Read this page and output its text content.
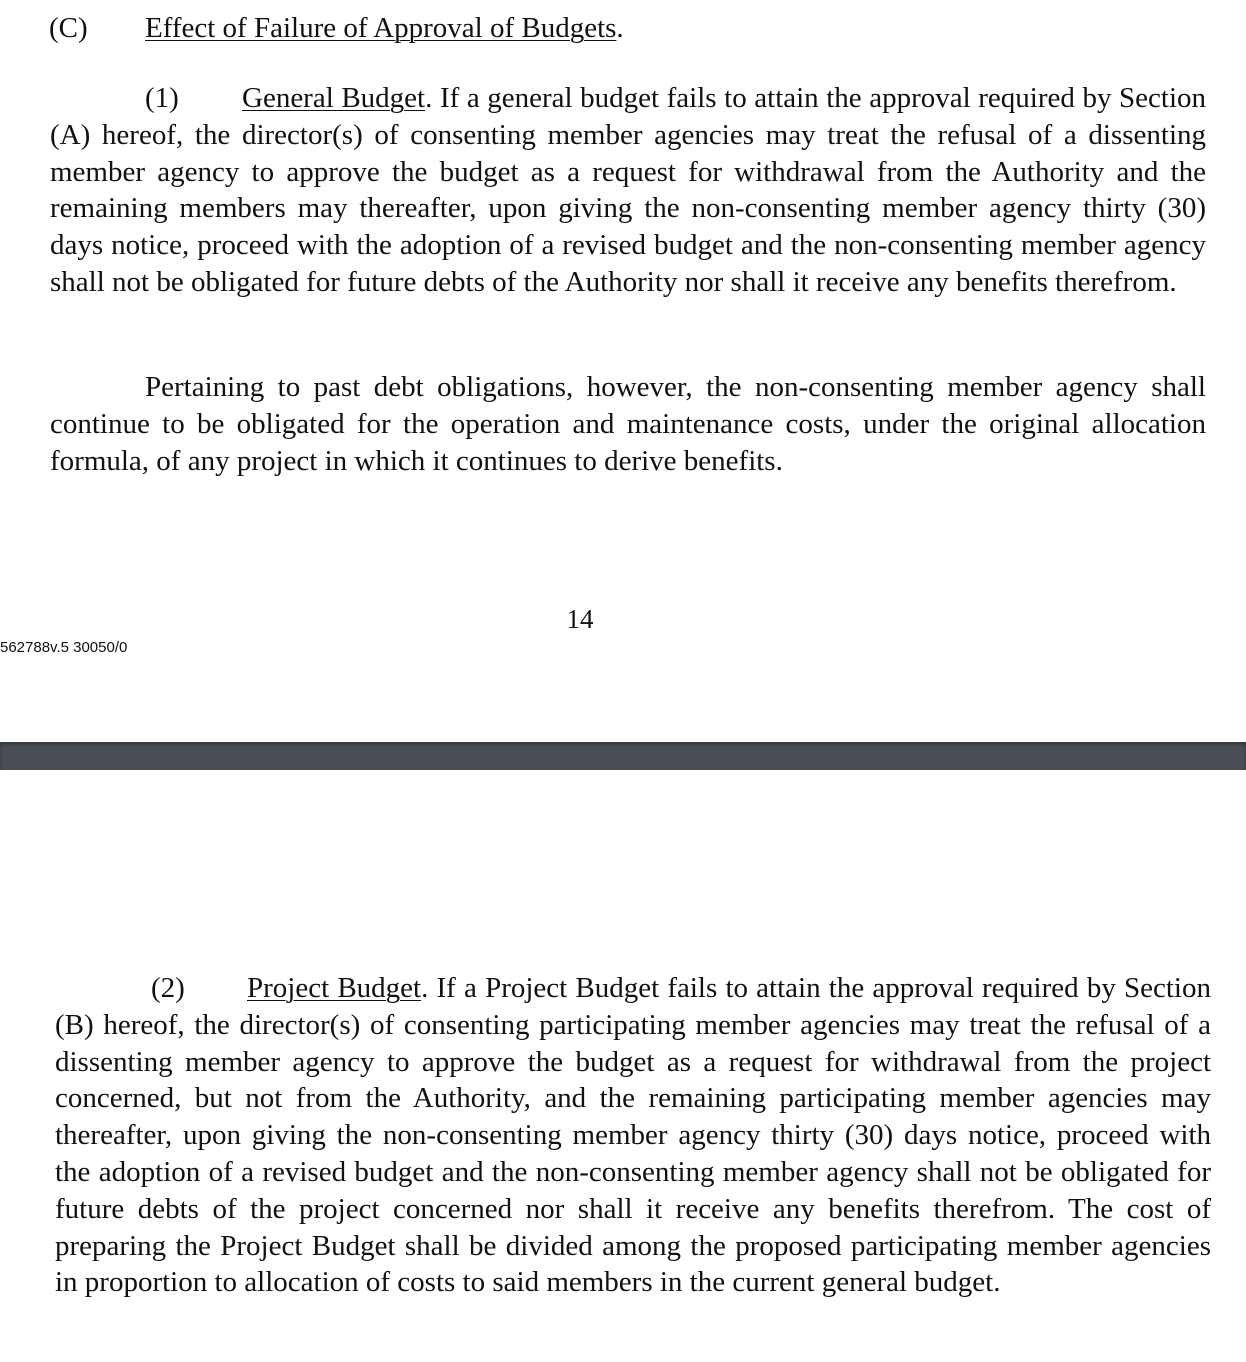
(C) Effect of Failure of Approval of Budgets.

(1) General Budget. If a general budget fails to attain the approval required by Section (A) hereof, the director(s) of consenting member agencies may treat the refusal of a dissenting member agency to approve the budget as a request for withdrawal from the Authority and the remaining members may thereafter, upon giving the non-consenting member agency thirty (30) days notice, proceed with the adoption of a revised budget and the non-consenting member agency shall not be obligated for future debts of the Authority nor shall it receive any benefits therefrom.

Pertaining to past debt obligations, however, the non-consenting member agency shall continue to be obligated for the operation and maintenance costs, under the original allocation formula, of any project in which it continues to derive benefits.

14
562788v.5 30050/0

(2) Project Budget. If a Project Budget fails to attain the approval required by Section (B) hereof, the director(s) of consenting participating member agencies may treat the refusal of a dissenting member agency to approve the budget as a request for withdrawal from the project concerned, but not from the Authority, and the remaining participating member agencies may thereafter, upon giving the non-consenting member agency thirty (30) days notice, proceed with the adoption of a revised budget and the non-consenting member agency shall not be obligated for future debts of the project concerned nor shall it receive any benefits therefrom. The cost of preparing the Project Budget shall be divided among the proposed participating member agencies in proportion to allocation of costs to said members in the current general budget.
